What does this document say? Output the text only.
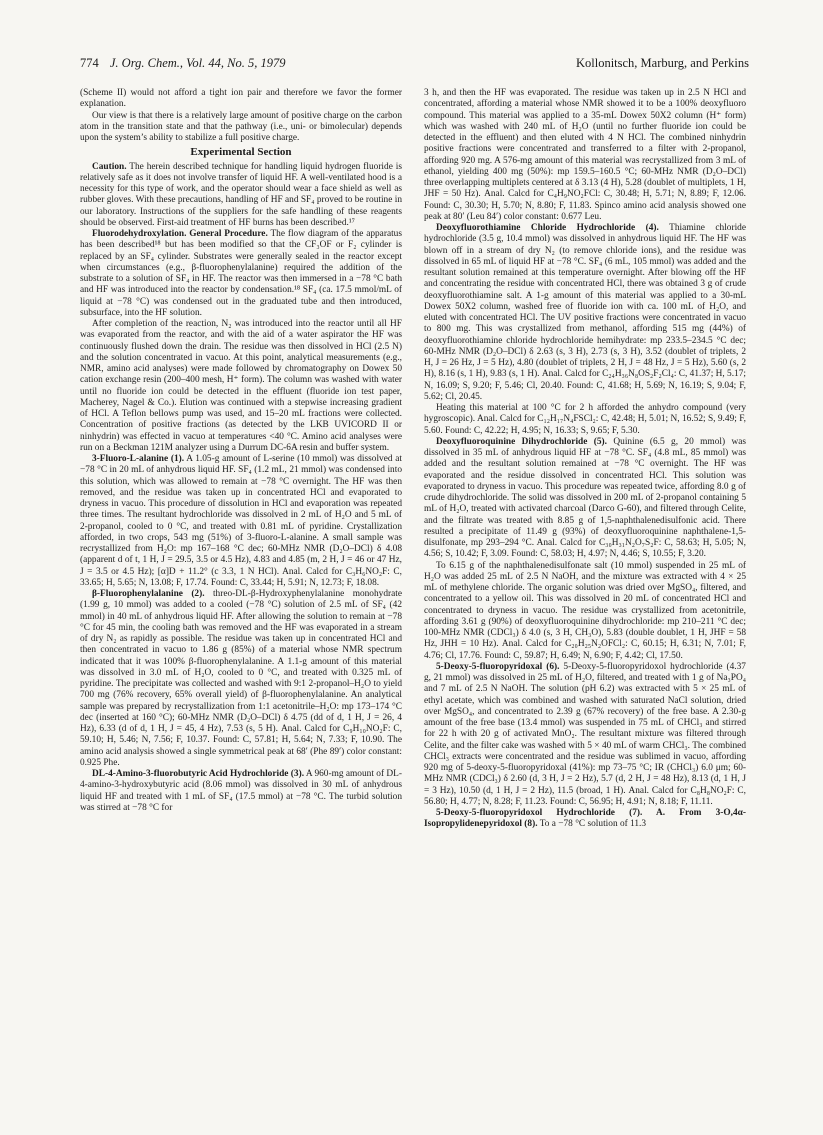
774 J. Org. Chem., Vol. 44, No. 5, 1979	Kollonitsch, Marburg, and Perkins

(Scheme II) would not afford a tight ion pair and therefore we favor the former explanation.

Our view is that there is a relatively large amount of positive charge on the carbon atom in the transition state and that the pathway (i.e., uni- or bimolecular) depends upon the system’s ability to stabilize a full positive charge.

Experimental Section

Caution. The herein described technique for handling liquid hydrogen fluoride is relatively safe as it does not involve transfer of liquid HF. A well-ventilated hood is a necessity for this type of work, and the operator should wear a face shield as well as rubber gloves. With these precautions, handling of HF and SF₄ proved to be routine in our laboratory. Instructions of the suppliers for the safe handling of these reagents should be observed. First-aid treatment of HF burns has been described.¹⁷

Fluorodehydroxylation. General Procedure. The flow diagram of the apparatus has been described¹⁸ but has been modified so that the CF₃OF or F₂ cylinder is replaced by an SF₄ cylinder. Substrates were generally sealed in the reactor except when circumstances (e.g., β-fluorophenylalanine) required the addition of the substrate to a solution of SF₄ in HF. The reactor was then immersed in a −78 °C bath and HF was introduced into the reactor by condensation.¹⁸ SF₄ (ca. 17.5 mmol/mL of liquid at −78 °C) was condensed out in the graduated tube and then introduced, subsurface, into the HF solution.

After completion of the reaction, N₂ was introduced into the reactor until all HF was evaporated from the reactor, and with the aid of a water aspirator the HF was continuously flushed down the drain. The residue was then dissolved in HCl (2.5 N) and the solution concentrated in vacuo. At this point, analytical measurements (e.g., NMR, amino acid analyses) were made followed by chromatography on Dowex 50 cation exchange resin (200–400 mesh, H⁺ form). The column was washed with water until no fluoride ion could be detected in the effluent (fluoride ion test paper, Macherey, Nagel & Co.). Elution was continued with a stepwise increasing gradient of HCl. A Teflon bellows pump was used, and 15–20 mL fractions were collected. Concentration of positive fractions (as detected by the LKB UVICORD II or ninhydrin) was effected in vacuo at temperatures <40 °C. Amino acid analyses were run on a Beckman 121M analyzer using a Durrum DC-6A resin and buffer system.

3-Fluoro-L-alanine (1). A 1.05-g amount of L-serine (10 mmol) was dissolved at −78 °C in 20 mL of anhydrous liquid HF. SF₄ (1.2 mL, 21 mmol) was condensed into this solution, which was allowed to remain at −78 °C overnight. The HF was then removed, and the residue was taken up in concentrated HCl and evaporated to dryness in vacuo. This procedure of dissolution in HCl and evaporation was repeated three times. The resultant hydrochloride was dissolved in 2 mL of H₂O and 5 mL of 2-propanol, cooled to 0 °C, and treated with 0.81 mL of pyridine. Crystallization afforded, in two crops, 543 mg (51%) of 3-fluoro-L-alanine. A small sample was recrystallized from H₂O: mp 167–168 °C dec; 60-MHz NMR (D₂O–DCl) δ 4.08 (apparent d of t, 1 H, J = 29.5, 3.5 or 4.5 Hz), 4.83 and 4.85 (m, 2 H, J = 46 or 47 Hz, J = 3.5 or 4.5 Hz); [α]D + 11.2° (c 3.3, 1 N HCl). Anal. Calcd for C₃H₆NO₂F: C, 33.65; H, 5.65; N, 13.08; F, 17.74. Found: C, 33.44; H, 5.91; N, 12.73; F, 18.08.

β-Fluorophenylalanine (2). threo-DL-β-Hydroxyphenylalanine monohydrate (1.99 g, 10 mmol) was added to a cooled (−78 °C) solution of 2.5 mL of SF₄ (42 mmol) in 40 mL of anhydrous liquid HF. After allowing the solution to remain at −78 °C for 45 min, the cooling bath was removed and the HF was evaporated in a stream of dry N₂ as rapidly as possible. The residue was taken up in concentrated HCl and then concentrated in vacuo to 1.86 g (85%) of a material whose NMR spectrum indicated that it was 100% β-fluorophenylalanine. A 1.1-g amount of this material was dissolved in 3.0 mL of H₂O, cooled to 0 °C, and treated with 0.325 mL of pyridine. The precipitate was collected and washed with 9:1 2-propanol–H₂O to yield 700 mg (76% recovery, 65% overall yield) of β-fluorophenylalanine. An analytical sample was prepared by recrystallization from 1:1 acetonitrile–H₂O: mp 173–174 °C dec (inserted at 160 °C); 60-MHz NMR (D₂O–DCl) δ 4.75 (dd of d, 1 H, J = 26, 4 Hz), 6.33 (d of d, 1 H, J = 45, 4 Hz), 7.53 (s, 5 H). Anal. Calcd for C₉H₁₀NO₂F: C, 59.10; H, 5.46; N, 7.56; F, 10.37. Found: C, 57.81; H, 5.64; N, 7.33; F, 10.90. The amino acid analysis showed a single symmetrical peak at 68′ (Phe 89′) color constant: 0.925 Phe.

DL-4-Amino-3-fluorobutyric Acid Hydrochloride (3). A 960-mg amount of DL-4-amino-3-hydroxybutyric acid (8.06 mmol) was dissolved in 30 mL of anhydrous liquid HF and treated with 1 mL of SF₄ (17.5 mmol) at −78 °C. The turbid solution was stirred at −78 °C for

3 h, and then the HF was evaporated. The residue was taken up in 2.5 N HCl and concentrated, affording a material whose NMR showed it to be a 100% deoxyfluoro compound. This material was applied to a 35-mL Dowex 50X2 column (H⁺ form) which was washed with 240 mL of H₂O (until no further fluoride ion could be detected in the effluent) and then eluted with 4 N HCl. The combined ninhydrin positive fractions were concentrated and transferred to a filter with 2-propanol, affording 920 mg. A 576-mg amount of this material was recrystallized from 3 mL of ethanol, yielding 400 mg (50%): mp 159.5–160.5 °C; 60-MHz NMR (D₂O–DCl) three overlapping multiplets centered at δ 3.13 (4 H), 5.28 (doublet of multiplets, 1 H, JHF = 50 Hz). Anal. Calcd for C₄H₉NO₂FCl: C, 30.48; H, 5.71; N, 8.89; F, 12.06. Found: C, 30.30; H, 5.70; N, 8.80; F, 11.83. Spinco amino acid analysis showed one peak at 80′ (Leu 84′) color constant: 0.677 Leu.

Deoxyfluorothiamine Chloride Hydrochloride (4). Thiamine chloride hydrochloride (3.5 g, 10.4 mmol) was dissolved in anhydrous liquid HF. The HF was blown off in a stream of dry N₂ (to remove chloride ions), and the residue was dissolved in 65 mL of liquid HF at −78 °C. SF₄ (6 mL, 105 mmol) was added and the resultant solution remained at this temperature overnight. After blowing off the HF and concentrating the residue with concentrated HCl, there was obtained 3 g of crude deoxyfluorothiamine salt. A 1-g amount of this material was applied to a 30-mL Dowex 50X2 column, washed free of fluoride ion with ca. 100 mL of H₂O, and eluted with concentrated HCl. The UV positive fractions were concentrated in vacuo to 800 mg. This was crystallized from methanol, affording 515 mg (44%) of deoxyfluorothiamine chloride hydrochloride hemihydrate: mp 233.5–234.5 °C dec; 60-MHz NMR (D₂O–DCl) δ 2.63 (s, 3 H), 2.73 (s, 3 H), 3.52 (doublet of triplets, 2 H, J = 26 Hz, J = 5 Hz), 4.80 (doublet of triplets, 2 H, J = 48 Hz, J = 5 Hz), 5.60 (s, 2 H), 8.16 (s, 1 H), 9.83 (s, 1 H). Anal. Calcd for C₂₄H₃₆N₈OS₂F₂Cl₄: C, 41.37; H, 5.17; N, 16.09; S, 9.20; F, 5.46; Cl, 20.40. Found: C, 41.68; H, 5.69; N, 16.19; S, 9.04; F, 5.62; Cl, 20.45.

Heating this material at 100 °C for 2 h afforded the anhydro compound (very hygroscopic). Anal. Calcd for C₁₂H₁₇N₄FSCl₂: C, 42.48; H, 5.01; N, 16.52; S, 9.49; F, 5.60. Found: C, 42.22; H, 4.95; N, 16.33; S, 9.65; F, 5.30.

Deoxyfluoroquinine Dihydrochloride (5). Quinine (6.5 g, 20 mmol) was dissolved in 35 mL of anhydrous liquid HF at −78 °C. SF₄ (4.8 mL, 85 mmol) was added and the resultant solution remained at −78 °C overnight. The HF was evaporated and the residue dissolved in concentrated HCl. This solution was evaporated to dryness in vacuo. This procedure was repeated twice, affording 8.0 g of crude dihydrochloride. The solid was dissolved in 200 mL of 2-propanol containing 5 mL of H₂O, treated with activated charcoal (Darco G-60), and filtered through Celite, and the filtrate was treated with 8.85 g of 1,5-naphthalenedisulfonic acid. There resulted a precipitate of 11.49 g (93%) of deoxyfluoroquinine naphthalene-1,5-disulfonate, mp 293–294 °C. Anal. Calcd for C₃₀H₃₁N₂O₇S₂F: C, 58.63; H, 5.05; N, 4.56; S, 10.42; F, 3.09. Found: C, 58.03; H, 4.97; N, 4.46; S, 10.55; F, 3.20.

To 6.15 g of the naphthalenedisulfonate salt (10 mmol) suspended in 25 mL of H₂O was added 25 mL of 2.5 N NaOH, and the mixture was extracted with 4 × 25 mL of methylene chloride. The organic solution was dried over MgSO₄, filtered, and concentrated to a yellow oil. This was dissolved in 20 mL of concentrated HCl and concentrated to dryness in vacuo. The residue was crystallized from acetonitrile, affording 3.61 g (90%) of deoxyfluoroquinine dihydrochloride: mp 210–211 °C dec; 100-MHz NMR (CDCl₃) δ 4.0 (s, 3 H, CH₃O), 5.83 (double doublet, 1 H, JHF = 58 Hz, JHH = 10 Hz). Anal. Calcd for C₂₀H₂₅N₂OFCl₂: C, 60.15; H, 6.31; N, 7.01; F, 4.76; Cl, 17.76. Found: C, 59.87; H, 6.49; N, 6.90; F, 4.42; Cl, 17.50.

5-Deoxy-5-fluoropyridoxal (6). 5-Deoxy-5-fluoropyridoxol hydrochloride (4.37 g, 21 mmol) was dissolved in 25 mL of H₂O, filtered, and treated with 1 g of Na₃PO₄ and 7 mL of 2.5 N NaOH. The solution (pH 6.2) was extracted with 5 × 25 mL of ethyl acetate, which was combined and washed with saturated NaCl solution, dried over MgSO₄, and concentrated to 2.39 g (67% recovery) of the free base. A 2.30-g amount of the free base (13.4 mmol) was suspended in 75 mL of CHCl₃ and stirred for 22 h with 20 g of activated MnO₂. The resultant mixture was filtered through Celite, and the filter cake was washed with 5 × 40 mL of warm CHCl₃. The combined CHCl₃ extracts were concentrated and the residue was sublimed in vacuo, affording 920 mg of 5-deoxy-5-fluoropyridoxal (41%): mp 73–75 °C; IR (CHCl₃) 6.0 μm; 60-MHz NMR (CDCl₃) δ 2.60 (d, 3 H, J = 2 Hz), 5.7 (d, 2 H, J = 48 Hz), 8.13 (d, 1 H, J = 3 Hz), 10.50 (d, 1 H, J = 2 Hz), 11.5 (broad, 1 H). Anal. Calcd for C₈H₈NO₂F: C, 56.80; H, 4.77; N, 8.28; F, 11.23. Found: C, 56.95; H, 4.91; N, 8.18; F, 11.11.

5-Deoxy-5-fluoropyridoxol Hydrochloride (7). A. From 3-O,4α-Isopropylidenepyridoxol (8). To a −78 °C solution of 11.3
